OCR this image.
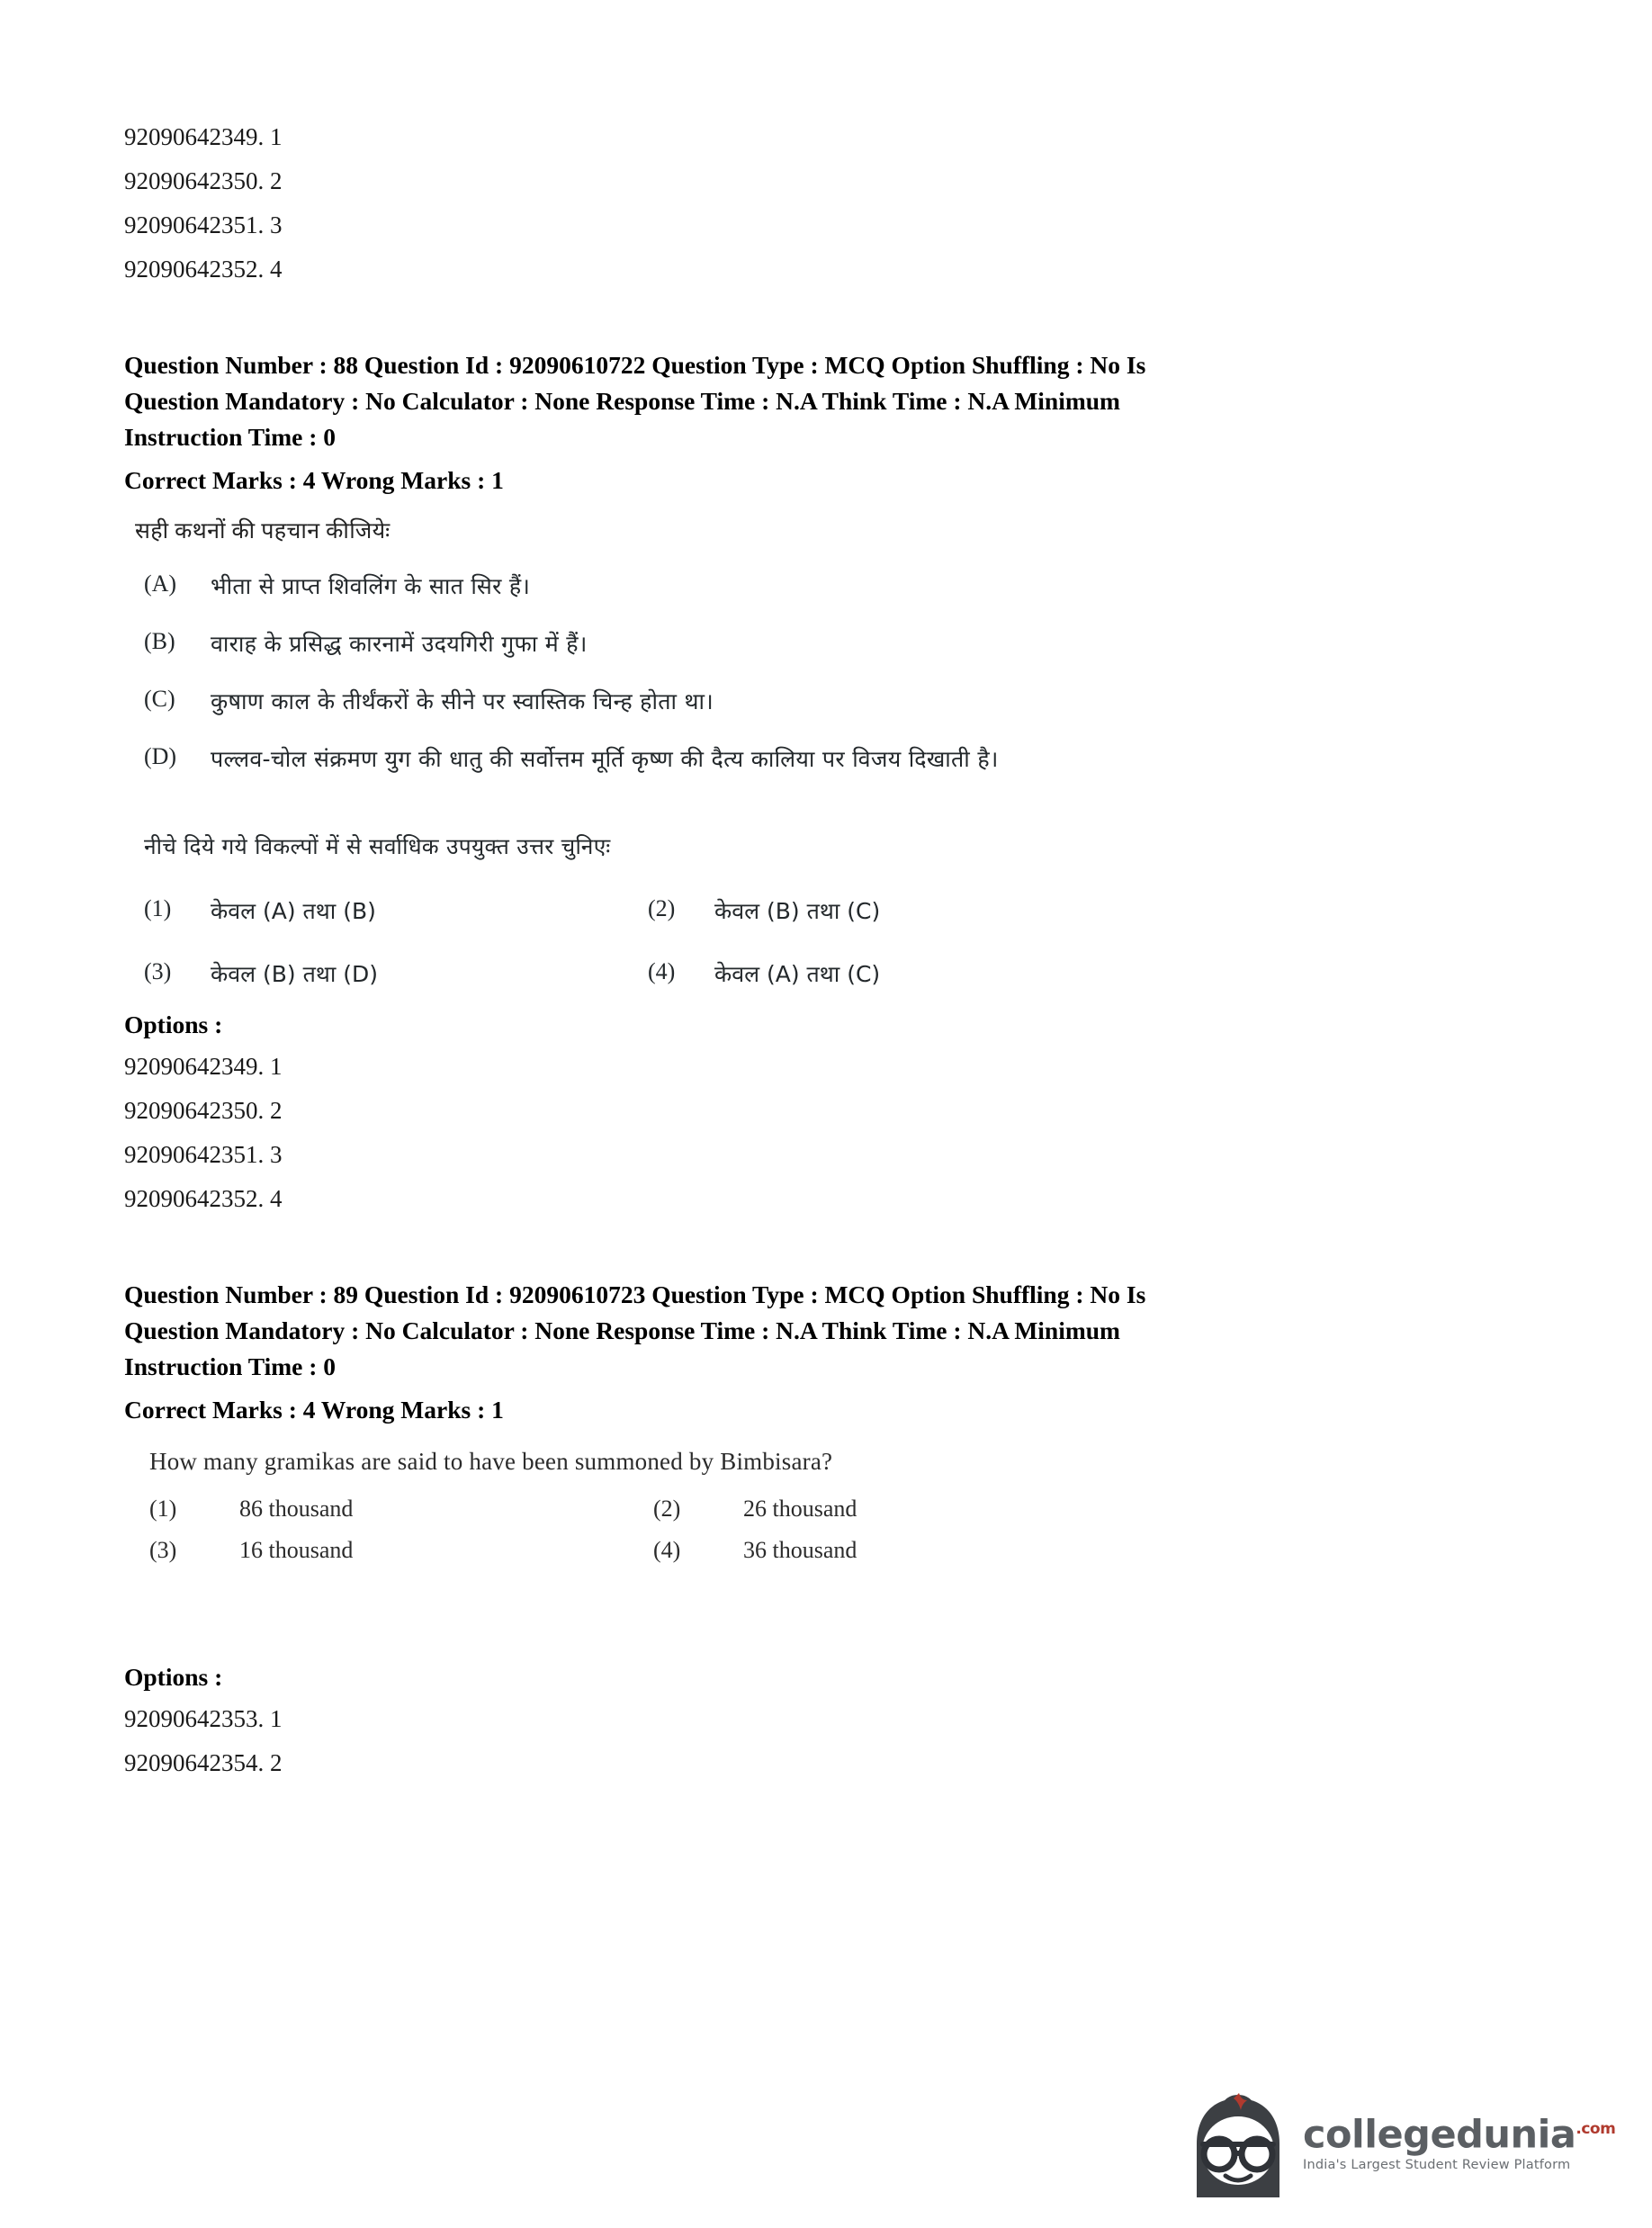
92090642349. 1
92090642350. 2
92090642351. 3
92090642352. 4
Question Number : 88 Question Id : 92090610722 Question Type : MCQ Option Shuffling : No Is
Question Mandatory : No Calculator : None Response Time : N.A Think Time : N.A Minimum
Instruction Time : 0
Correct Marks : 4 Wrong Marks : 1
सही कथनों की पहचान कीजियेः
(A)	भीता से प्राप्त शिवलिंग के सात सिर हैं।
(B)	वाराह के प्रसिद्ध कारनामें उदयगिरी गुफा में हैं।
(C)	कुषाण काल के तीर्थंकरों के सीने पर स्वास्तिक चिन्ह होता था।
(D)	पल्लव-चोल संक्रमण युग की धातु की सर्वोत्तम मूर्ति कृष्ण की दैत्य कालिया पर विजय दिखाती है।
नीचे दिये गये विकल्पों में से सर्वाधिक उपयुक्त उत्तर चुनिएः
(1)	केवल (A) तथा (B)	(2)	केवल (B) तथा (C)
(3)	केवल (B) तथा (D)	(4)	केवल (A) तथा (C)
Options :
92090642349. 1
92090642350. 2
92090642351. 3
92090642352. 4
Question Number : 89 Question Id : 92090610723 Question Type : MCQ Option Shuffling : No Is
Question Mandatory : No Calculator : None Response Time : N.A Think Time : N.A Minimum
Instruction Time : 0
Correct Marks : 4 Wrong Marks : 1
How many gramikas are said to have been summoned by Bimbisara?
(1)	86 thousand	(2)	26 thousand
(3)	16 thousand	(4)	36 thousand
Options :
92090642353. 1
92090642354. 2
collegedunia$^{.com}$
India's Largest Student Review Platform
